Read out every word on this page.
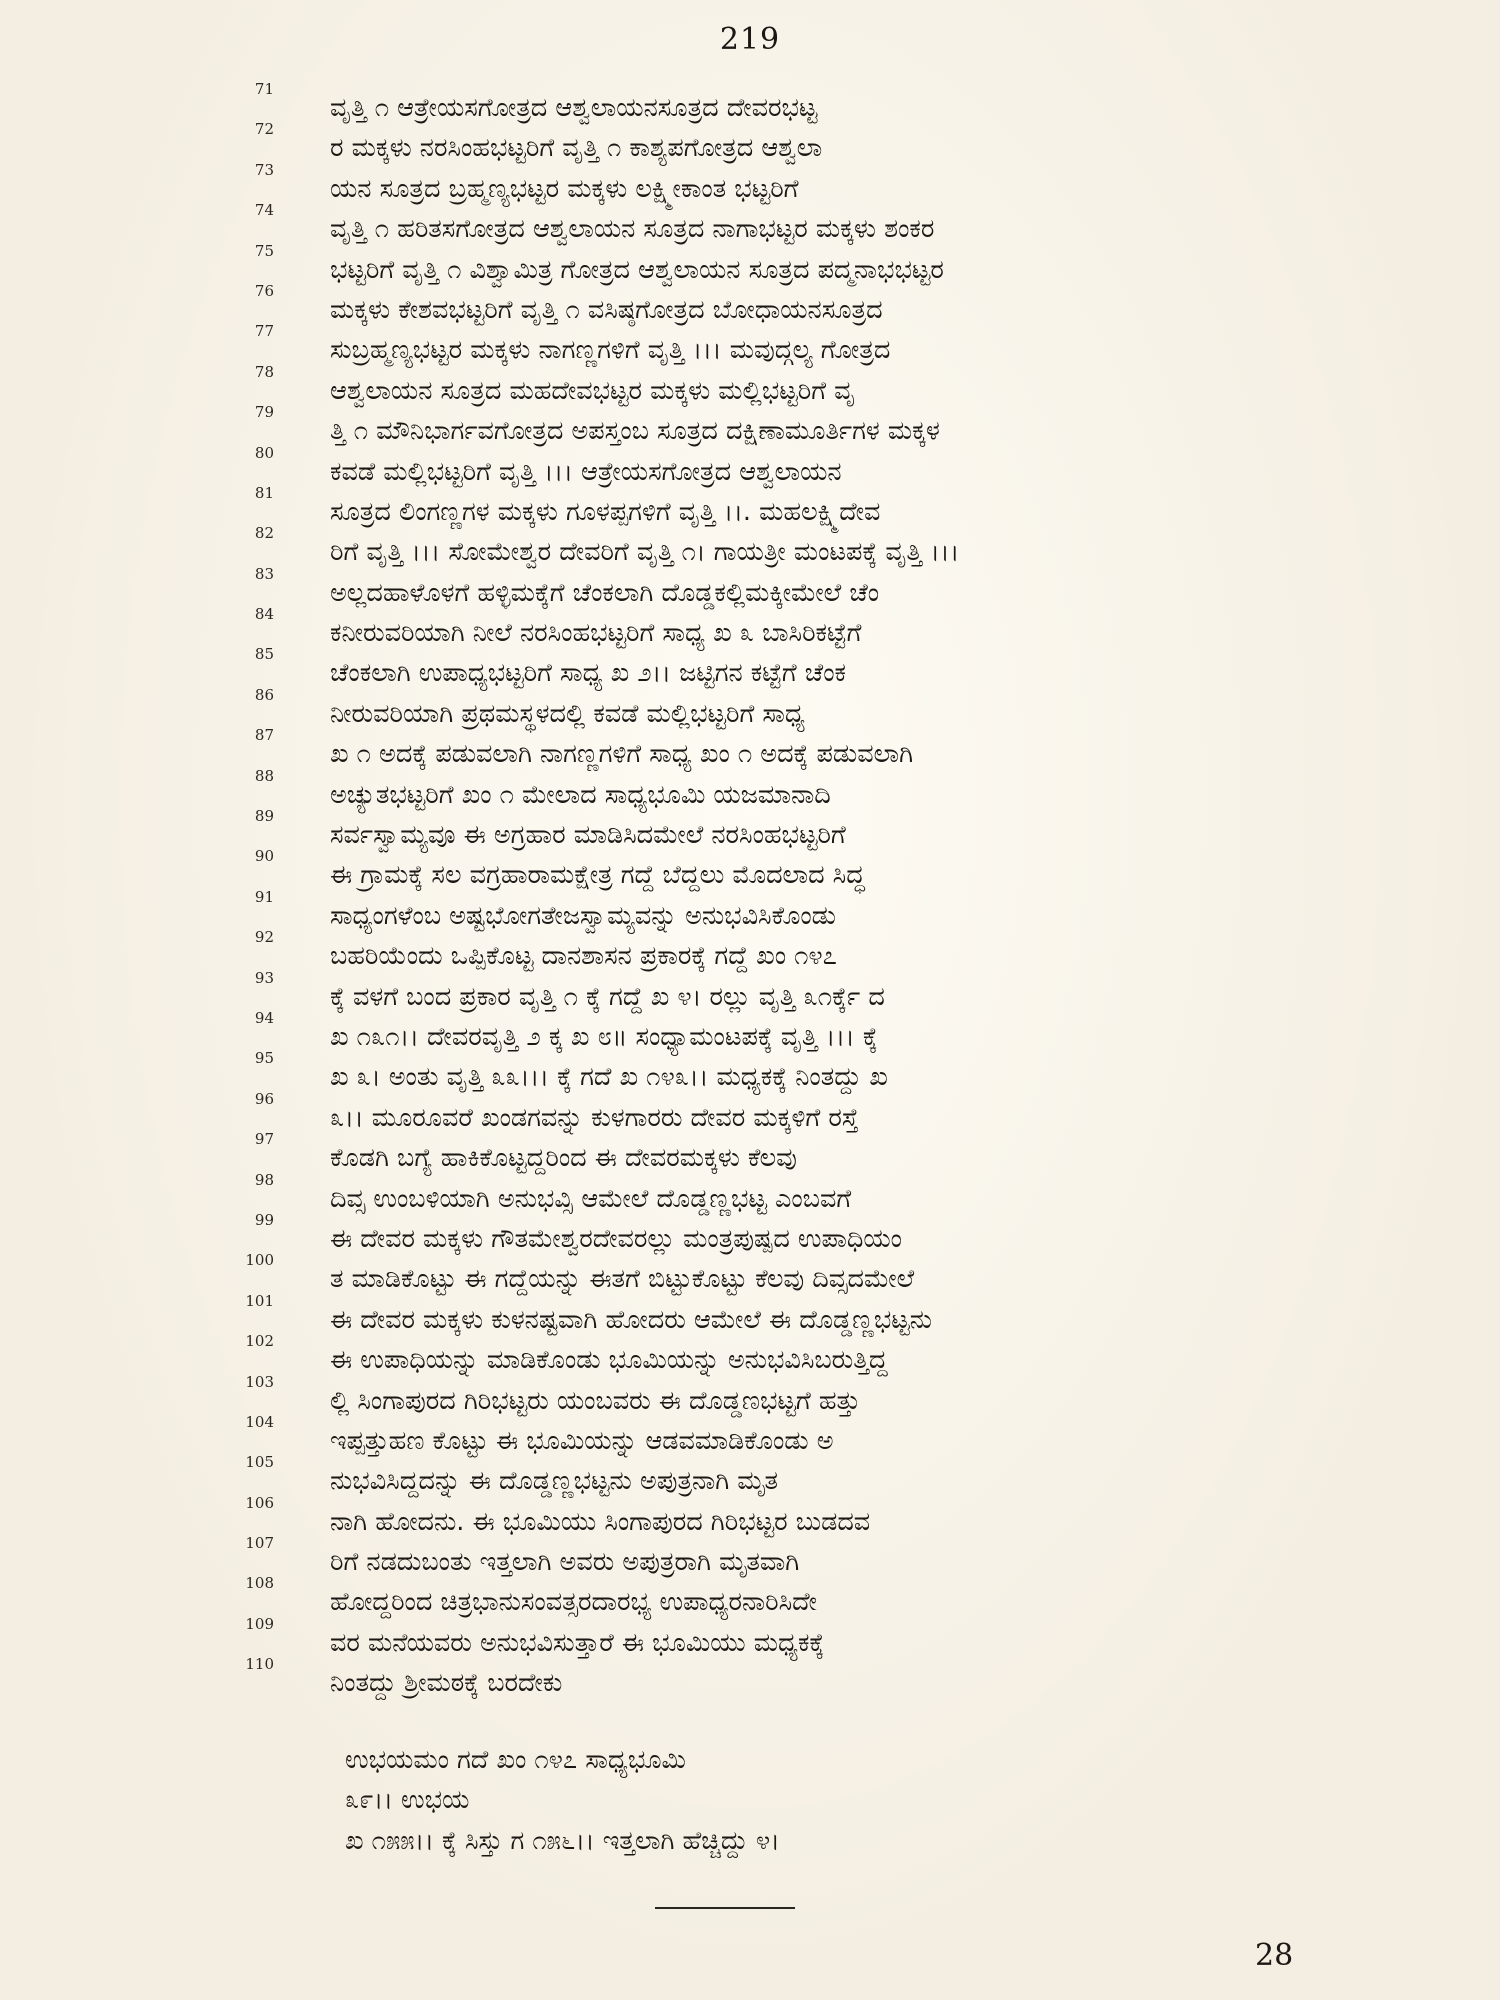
219
71
ವೃತ್ತಿ ೧ ಆತ್ರೇಯಸಗೋತ್ರದ ಆಶ್ವಲಾಯನಸೂತ್ರದ ದೇವರಭಟ್ಟ
72
ರ ಮಕ್ಕಳು ನರಸಿಂಹಭಟ್ಟರಿಗೆ ವೃತ್ತಿ ೧ ಕಾಶ್ಯಪಗೋತ್ರದ ಆಶ್ವಲಾ
73
ಯನ ಸೂತ್ರದ ಬ್ರಹ್ಮಣ್ಯಭಟ್ಟರ ಮಕ್ಕಳು ಲಕ್ಷ್ಮೀಕಾಂತ ಭಟ್ಟರಿಗೆ
74
ವೃತ್ತಿ ೧ ಹರಿತಸಗೋತ್ರದ ಆಶ್ವಲಾಯನ ಸೂತ್ರದ ನಾಗಾಭಟ್ಟರ ಮಕ್ಕಳು ಶಂಕರ
75
ಭಟ್ಟರಿಗೆ ವೃತ್ತಿ ೧ ವಿಶ್ವಾಮಿತ್ರ ಗೋತ್ರದ ಆಶ್ವಲಾಯನ ಸೂತ್ರದ ಪದ್ಮನಾಭಭಟ್ಟರ
76
ಮಕ್ಕಳು ಕೇಶವಭಟ್ಟರಿಗೆ ವೃತ್ತಿ ೧ ವಸಿಷ್ಠಗೋತ್ರದ ಬೋಧಾಯನಸೂತ್ರದ
77
ಸುಬ್ರಹ್ಮಣ್ಯಭಟ್ಟರ ಮಕ್ಕಳು ನಾಗಣ್ಣಗಳಿಗೆ ವೃತ್ತಿ ।।। ಮವುದ್ಗಲ್ಯ ಗೋತ್ರದ
78
ಆಶ್ವಲಾಯನ ಸೂತ್ರದ ಮಹದೇವಭಟ್ಟರ ಮಕ್ಕಳು ಮಲ್ಲಿಭಟ್ಟರಿಗೆ ವೃ
79
ತ್ತಿ ೧ ಮೌನಿಭಾರ್ಗವಗೋತ್ರದ ಅಪಸ್ತಂಬ ಸೂತ್ರದ ದಕ್ಷಿಣಾಮೂರ್ತಿಗಳ ಮಕ್ಕಳ
80
ಕವಡೆ ಮಲ್ಲಿಭಟ್ಟರಿಗೆ ವೃತ್ತಿ ।।। ಆತ್ರೇಯಸಗೋತ್ರದ ಆಶ್ವಲಾಯನ
81
ಸೂತ್ರದ ಲಿಂಗಣ್ಣಗಳ ಮಕ್ಕಳು ಗೂಳಪ್ಪಗಳಿಗೆ ವೃತ್ತಿ ।।. ಮಹಲಕ್ಷ್ಮಿದೇವ
82
ರಿಗೆ ವೃತ್ತಿ ।।। ಸೋಮೇಶ್ವರ ದೇವರಿಗೆ ವೃತ್ತಿ ೧। ಗಾಯತ್ರೀ ಮಂಟಪಕ್ಕೆ ವೃತ್ತಿ ।।।
83
ಅಲ್ಲದಹಾಳೊಳಗೆ ಹಳ್ಳಿಮಕ್ಕೆಗೆ ಚೆಂಕಲಾಗಿ ದೊಡ್ಡಕಲ್ಲಿಮಕ್ಕೀಮೇಲೆ ಚೆಂ
84
ಕನೀರುವರಿಯಾಗಿ ನೀಲೆ ನರಸಿಂಹಭಟ್ಟರಿಗೆ ಸಾಧ್ಯ ಖ ೩ ಬಾಸಿರಿಕಟ್ಟೆಗೆ
85
ಚೆಂಕಲಾಗಿ ಉಪಾಧ್ಯಭಟ್ಟರಿಗೆ ಸಾಧ್ಯ ಖ ೨।। ಜಟ್ಟಿಗನ ಕಟ್ಟೆಗೆ ಚೆಂಕ
86
ನೀರುವರಿಯಾಗಿ ಪ್ರಥಮಸ್ಥಳದಲ್ಲಿ ಕವಡೆ ಮಲ್ಲಿಭಟ್ಟರಿಗೆ ಸಾಧ್ಯ
87
ಖ ೧ ಅದಕ್ಕೆ ಪಡುವಲಾಗಿ ನಾಗಣ್ಣಗಳಿಗೆ ಸಾಧ್ಯ ಖಂ ೧ ಅದಕ್ಕೆ ಪಡುವಲಾಗಿ
88
ಅಚ್ಯುತಭಟ್ಟರಿಗೆ ಖಂ ೧ ಮೇಲಾದ ಸಾಧ್ಯಭೂಮಿ ಯಜಮಾನಾದಿ
89
ಸರ್ವಸ್ವಾಮ್ಯವೂ ಈ ಅಗ್ರಹಾರ ಮಾಡಿಸಿದಮೇಲೆ ನರಸಿಂಹಭಟ್ಟರಿಗೆ
90
ಈ ಗ್ರಾಮಕ್ಕೆ ಸಲ ವಗ್ರಹಾರಾಮಕ್ಷೇತ್ರ ಗದ್ದೆ ಬೆದ್ದಲು ಮೊದಲಾದ ಸಿದ್ಧ
91
ಸಾಧ್ಯಂಗಳೆಂಬ ಅಷ್ಟಭೋಗತೇಜಸ್ವಾಮ್ಯವನ್ನು ಅನುಭವಿಸಿಕೊಂಡು
92
ಬಹರಿಯೆಂದು ಒಪ್ಪಿಕೊಟ್ಟ ದಾನಶಾಸನ ಪ್ರಕಾರಕ್ಕೆ ಗದ್ದೆ ಖಂ ೧೪೭
93
ಕ್ಕೆ ವಳಗೆ ಬಂದ ಪ್ರಕಾರ ವೃತ್ತಿ ೧ ಕ್ಕೆ ಗದ್ದೆ ಖ ೪। ರಲ್ಲು ವೃತ್ತಿ ೩೧ರ್ಕ್ಕೆ ದ
94
ಖ ೧೩೧।। ದೇವರವೃತ್ತಿ ೨ ಕ್ಕ ಖ ೮॥ ಸಂಧ್ಯಾಮಂಟಪಕ್ಕೆ ವೃತ್ತಿ ।।। ಕ್ಕೆ
95
ಖ ೩। ಅಂತು ವೃತ್ತಿ ೩೩।।। ಕ್ಕೆ ಗದೆ ಖ ೧೪೩।। ಮಧ್ಯಕಕ್ಕೆ ನಿಂತದ್ದು ಖ
96
೩।। ಮೂರೂವರೆ ಖಂಡಗವನ್ನು ಕುಳಗಾರರು ದೇವರ ಮಕ್ಕಳಿಗೆ ರಸ್ತೆ
97
ಕೊಡಗಿ ಬಗ್ಯೆ ಹಾಕಿಕೊಟ್ಟದ್ದರಿಂದ ಈ ದೇವರಮಕ್ಕಳು ಕೆಲವು
98
ದಿವ್ಸ ಉಂಬಳಿಯಾಗಿ ಅನುಭವ್ಸಿ ಆಮೇಲೆ ದೊಡ್ಡಣ್ಣಭಟ್ಟ ಎಂಬವಗೆ
99
ಈ ದೇವರ ಮಕ್ಕಳು ಗೌತಮೇಶ್ವರದೇವರಲ್ಲು ಮಂತ್ರಪುಷ್ಪದ ಉಪಾಧಿಯಂ
100
ತ ಮಾಡಿಕೊಟ್ಟು ಈ ಗದ್ದೆಯನ್ನು ಈತಗೆ ಬಿಟ್ಟುಕೊಟ್ಟು ಕೆಲವು ದಿವ್ಸದಮೇಲೆ
101
ಈ ದೇವರ ಮಕ್ಕಳು ಕುಳನಷ್ಟವಾಗಿ ಹೋದರು ಆಮೇಲೆ ಈ ದೊಡ್ಡಣ್ಣಭಟ್ಟನು
102
ಈ ಉಪಾಧಿಯನ್ನು ಮಾಡಿಕೊಂಡು ಭೂಮಿಯನ್ನು ಅನುಭವಿಸಿಬರುತ್ತಿದ್ದ
103
ಲ್ಲಿ ಸಿಂಗಾಪುರದ ಗಿರಿಭಟ್ಟರು ಯಂಬವರು ಈ ದೊಡ್ಡಣಭಟ್ಟಗೆ ಹತ್ತು
104
ಇಪ್ಪತ್ತುಹಣ ಕೊಟ್ಟು ಈ ಭೂಮಿಯನ್ನು ಆಡವಮಾಡಿಕೊಂಡು ಅ
105
ನುಭವಿಸಿದ್ದದನ್ನು ಈ ದೊಡ್ಡಣ್ಣಭಟ್ಟನು ಅಪುತ್ರನಾಗಿ ಮೃತ
106
ನಾಗಿ ಹೋದನು. ಈ ಭೂಮಿಯು ಸಿಂಗಾಪುರದ ಗಿರಿಭಟ್ಟರ ಬುಡದವ
107
ರಿಗೆ ನಡದುಬಂತು ಇತ್ತಲಾಗಿ ಅವರು ಅಪುತ್ರರಾಗಿ ಮೃತವಾಗಿ
108
ಹೋದ್ದರಿಂದ ಚಿತ್ರಭಾನುಸಂವತ್ಸರದಾರಭ್ಯ ಉಪಾಧ್ಯರನಾರಿಸಿದೇ
109
ವರ ಮನೆಯವರು ಅನುಭವಿಸುತ್ತಾರೆ ಈ ಭೂಮಿಯು ಮಧ್ಯಕಕ್ಕೆ
110
ನಿಂತದ್ದು ಶ್ರೀಮಠಕ್ಕೆ ಬರದೇಕು
ಉಭಯಮಂ ಗದೆ ಖಂ ೧೪೭ ಸಾಧ್ಯಭೂಮಿ
೩೯।। ಉಭಯ
ಖ ೧೫೫।। ಕ್ಕೆ ಸಿಸ್ತು ಗ ೧೫೬।। ಇತ್ತಲಾಗಿ ಹೆಚ್ಚಿದ್ದು ೪।
28
